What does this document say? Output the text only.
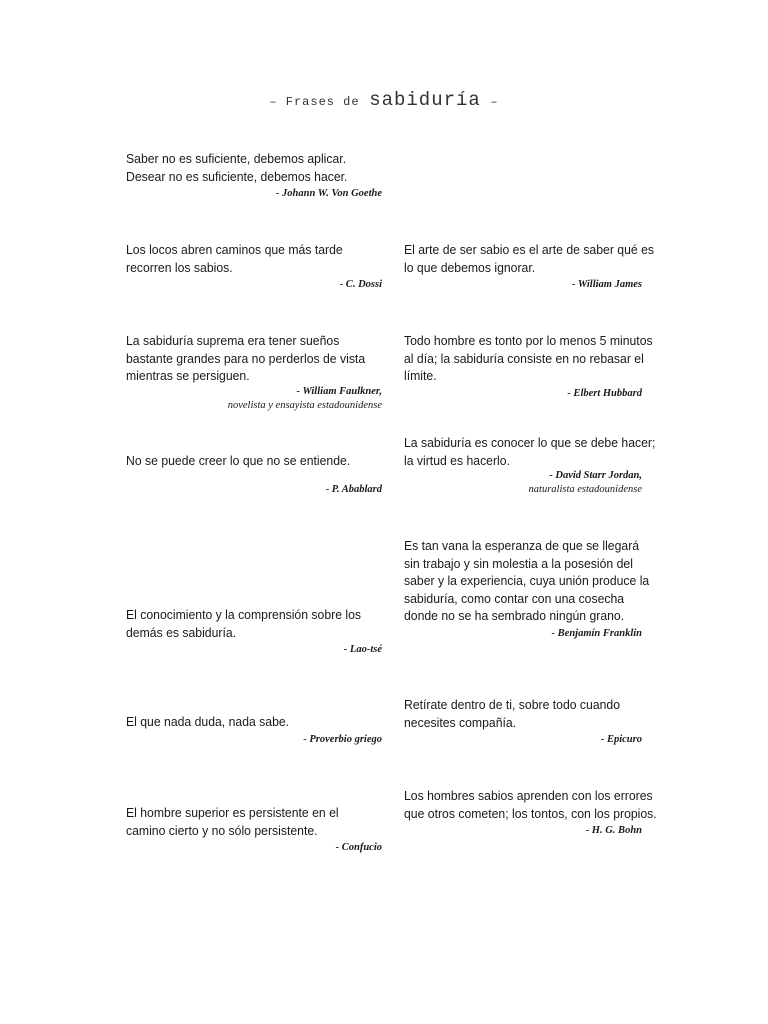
– Frases de sabiduría –

Saber no es suficiente, debemos aplicar. Desear no es suficiente, debemos hacer.

- Johann W. Von Goethe

Los locos abren caminos que más tarde recorren los sabios.

- C. Dossi

La sabiduría suprema era tener sueños bastante grandes para no perderlos de vista mientras se persiguen.

- William Faulkner,
novelista y ensayista estadounidense

No se puede creer lo que no se entiende.

- P. Abablard

El conocimiento y la comprensión sobre los demás es sabiduría.

- Lao-tsé

El que nada duda, nada sabe.

- Proverbio griego

El hombre superior es persistente en el camino cierto y no sólo persistente.

- Confucio

El arte de ser sabio es el arte de saber qué es lo que debemos ignorar.

- William James

Todo hombre es tonto por lo menos 5 minutos al día; la sabiduría consiste en no rebasar el límite.

- Elbert Hubbard

La sabiduría es conocer lo que se debe hacer; la virtud es hacerlo.

- David Starr Jordan,
naturalista estadounidense

Es tan vana la esperanza de que se llegará sin trabajo y sin molestia a la posesión del saber y la experiencia, cuya unión produce la sabiduría, como contar con una cosecha donde no se ha sembrado ningún grano.

- Benjamín Franklin

Retírate dentro de ti, sobre todo cuando necesites compañía.

- Epicuro

Los hombres sabios aprenden con los errores que otros cometen; los tontos, con los propios.

- H. G. Bohn
